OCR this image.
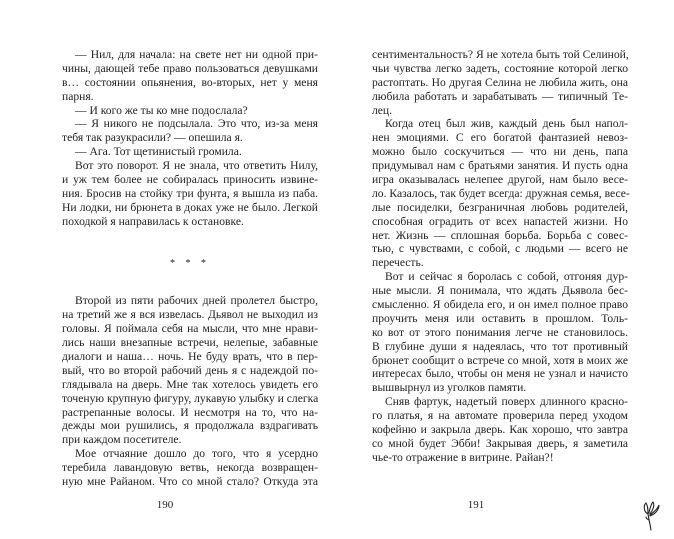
— Нил, для начала: на свете нет ни одной при-
чины, дающей тебе право пользоваться девушками
в… состоянии опьянения, во-вторых, нет у меня
парня.
— И кого же ты ко мне подослала?
— Я никого не подсылала. Это что, из-за меня
тебя так разукрасили? — опешила я.
— Ага. Тот щетинистый громила.
Вот это поворот. Я не знала, что ответить Нилу,
и уж тем более не собиралась приносить извине-
ния. Бросив на стойку три фунта, я вышла из паба.
Ни лодки, ни брюнета в доках уже не было. Легкой
походкой я направилась к остановке.
* * *
Второй из пяти рабочих дней пролетел быстро,
на третий же я вся извелась. Дьявол не выходил из
головы. Я поймала себя на мысли, что мне нрави-
лись наши внезапные встречи, нелепые, забавные
диалоги и наша… ночь. Не буду врать, что в пер-
вый, что во второй рабочий день я с надеждой по-
глядывала на дверь. Мне так хотелось увидеть его
точеную крупную фигуру, лукавую улыбку и слегка
растрепанные волосы. И несмотря на то, что на-
дежды мои рушились, я продолжала вздрагивать
при каждом посетителе.
Мое отчаяние дошло до того, что я усердно
теребила лавандовую ветвь, некогда возвращен-
ную мне Райаном. Что со мной стало? Откуда эта
190
сентиментальность? Я не хотела быть той Селиной,
чьи чувства легко задеть, состояние которой легко
растоптать. Но другая Селина не любила жить, она
любила работать и зарабатывать — типичный Те-
лец.
Когда отец был жив, каждый день был напол-
нен эмоциями. С его богатой фантазией невоз-
можно было соскучиться — что ни день, папа
придумывал нам с братьями занятия. И пусть одна
игра оказывалась нелепее другой, нам было весе-
ло. Казалось, так будет всегда: дружная семья, весе-
лые посиделки, безграничная любовь родителей,
способная оградить от всех напастей жизни. Но
нет. Жизнь — сплошная борьба. Борьба с совес-
тью, с чувствами, с собой, с людьми — всего не
перечесть.
Вот и сейчас я боролась с собой, отгоняя дур-
ные мысли. Я понимала, что ждать Дьявола бес-
смысленно. Я обидела его, и он имел полное право
проучить меня или оставить в прошлом. Толь-
ко вот от этого понимания легче не становилось.
В глубине души я надеялась, что тот противный
брюнет сообщит о встрече со мной, хотя в моих же
интересах было, чтобы он меня не узнал и начисто
вышвырнул из уголков памяти.
Сняв фартук, надетый поверх длинного красно-
го платья, я на автомате проверила перед уходом
кофейню и закрыла дверь. Как хорошо, что завтра
со мной будет Эбби! Закрывая дверь, я заметила
чье-то отражение в витрине. Райан?!
191
